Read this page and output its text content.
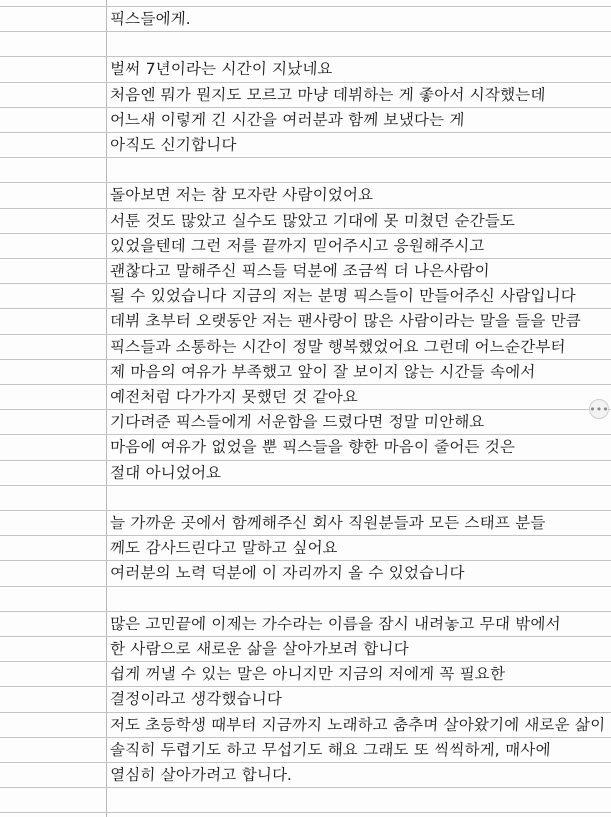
픽스들에게.
벌써 7년이라는 시간이 지났네요
처음엔 뭐가 뭔지도 모르고 마냥 데뷔하는 게 좋아서 시작했는데
어느새 이렇게 긴 시간을 여러분과 함께 보냈다는 게
아직도 신기합니다
돌아보면 저는 참 모자란 사람이었어요
서툰 것도 많았고 실수도 많았고 기대에 못 미쳤던 순간들도
있었을텐데 그런 저를 끝까지 믿어주시고 응원해주시고
괜찮다고 말해주신 픽스들 덕분에 조금씩 더 나은사람이
될 수 있었습니다 지금의 저는 분명 픽스들이 만들어주신 사람입니다
데뷔 초부터 오랫동안 저는 팬사랑이 많은 사람이라는 말을 들을 만큼
픽스들과 소통하는 시간이 정말 행복했었어요 그런데 어느순간부터
제 마음의 여유가 부족했고 앞이 잘 보이지 않는 시간들 속에서
예전처럼 다가가지 못했던 것 같아요
기다려준 픽스들에게 서운함을 드렸다면 정말 미안해요
마음에 여유가 없었을 뿐 픽스들을 향한 마음이 줄어든 것은
절대 아니었어요
늘 가까운 곳에서 함께해주신 회사 직원분들과 모든 스태프 분들
께도 감사드린다고 말하고 싶어요
여러분의 노력 덕분에 이 자리까지 올 수 있었습니다
많은 고민끝에 이제는 가수라는 이름을 잠시 내려놓고 무대 밖에서
한 사람으로 새로운 삶을 살아가보려 합니다
쉽게 꺼낼 수 있는 말은 아니지만 지금의 저에게 꼭 필요한
결정이라고 생각했습니다
저도 초등학생 때부터 지금까지 노래하고 춤추며 살아왔기에 새로운 삶이
솔직히 두렵기도 하고 무섭기도 해요 그래도 또 씩씩하게, 매사에
열심히 살아가려고 합니다.
•••
